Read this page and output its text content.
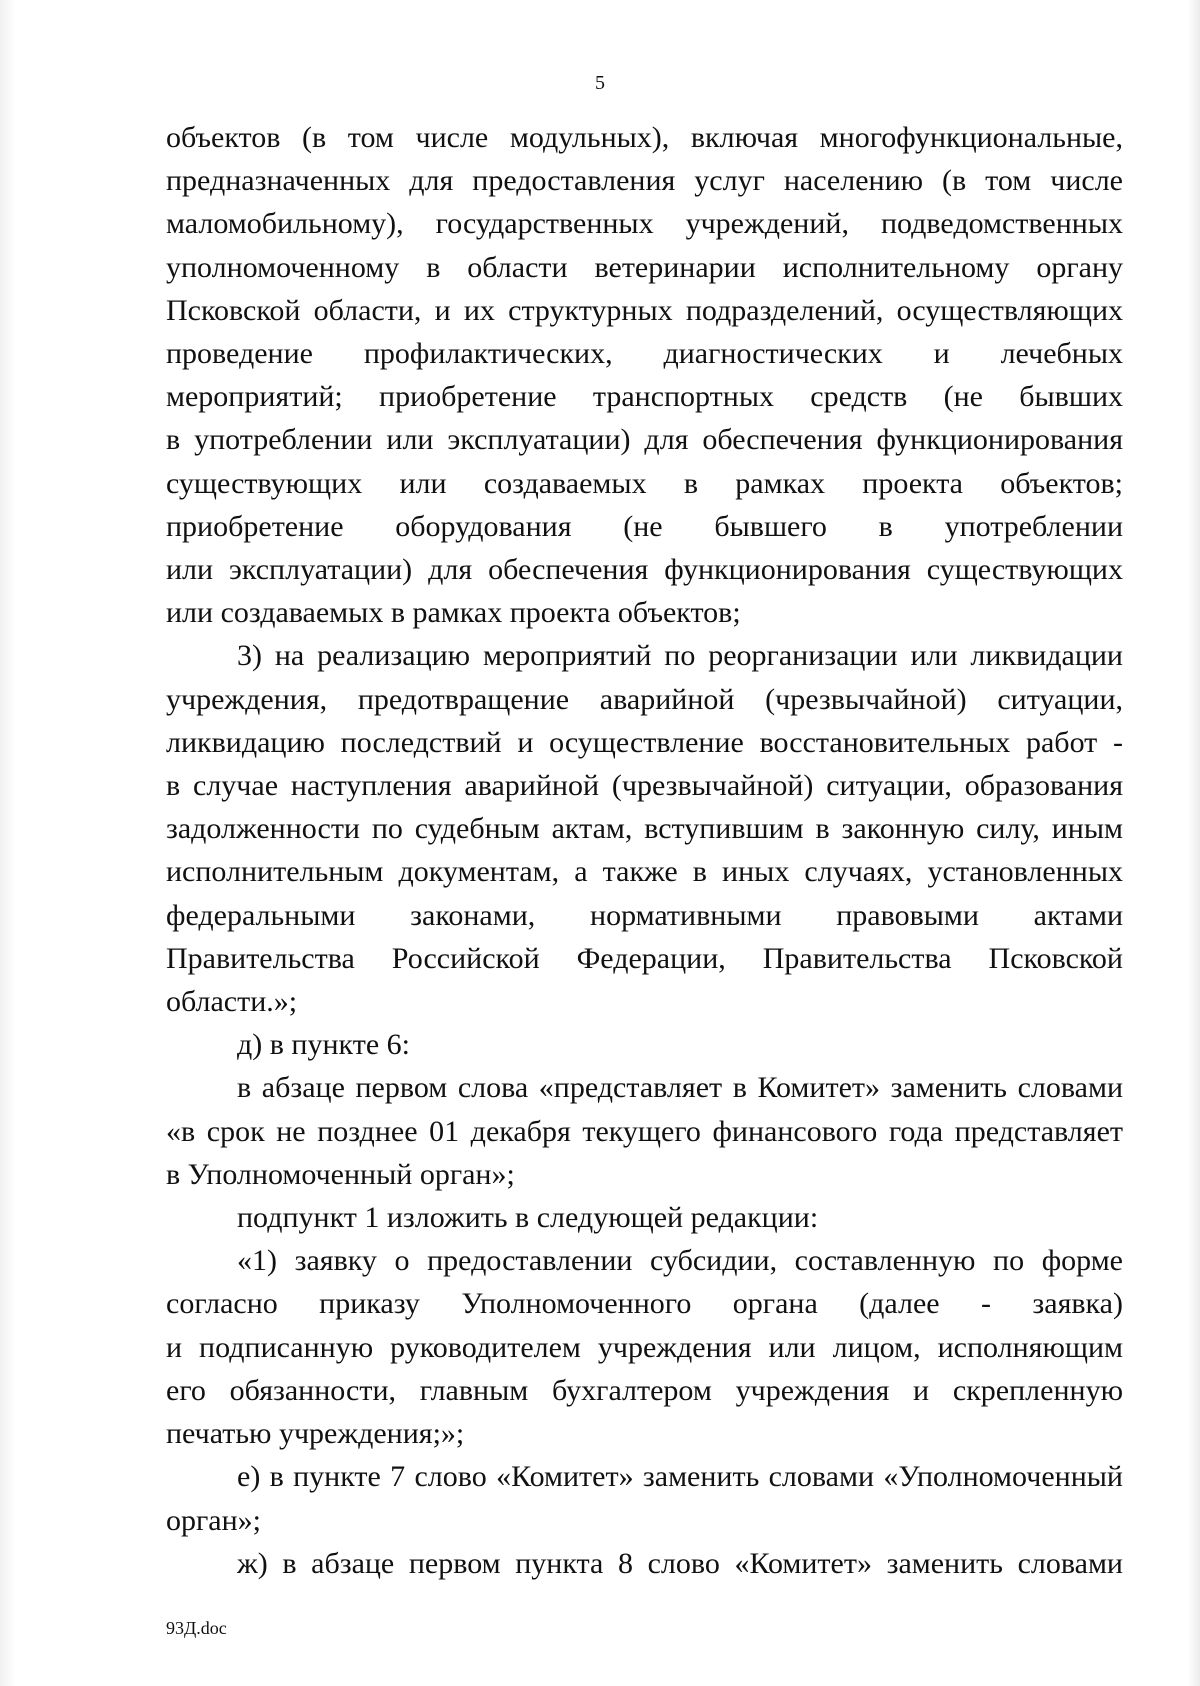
5
объектов (в том числе модульных), включая многофункциональные,
предназначенных для предоставления услуг населению (в том числе
маломобильному), государственных учреждений, подведомственных
уполномоченному в области ветеринарии исполнительному органу
Псковской области, и их структурных подразделений, осуществляющих
проведение профилактических, диагностических и лечебных
мероприятий; приобретение транспортных средств (не бывших
в употреблении или эксплуатации) для обеспечения функционирования
существующих или создаваемых в рамках проекта объектов;
приобретение оборудования (не бывшего в употреблении
или эксплуатации) для обеспечения функционирования существующих
или создаваемых в рамках проекта объектов;
3) на реализацию мероприятий по реорганизации или ликвидации
учреждения, предотвращение аварийной (чрезвычайной) ситуации,
ликвидацию последствий и осуществление восстановительных работ -
в случае наступления аварийной (чрезвычайной) ситуации, образования
задолженности по судебным актам, вступившим в законную силу, иным
исполнительным документам, а также в иных случаях, установленных
федеральными законами, нормативными правовыми актами
Правительства Российской Федерации, Правительства Псковской
области.»;
д) в пункте 6:
в абзаце первом слова «представляет в Комитет» заменить словами
«в срок не позднее 01 декабря текущего финансового года представляет
в Уполномоченный орган»;
подпункт 1 изложить в следующей редакции:
«1) заявку о предоставлении субсидии, составленную по форме
согласно приказу Уполномоченного органа (далее - заявка)
и подписанную руководителем учреждения или лицом, исполняющим
его обязанности, главным бухгалтером учреждения и скрепленную
печатью учреждения;»;
е) в пункте 7 слово «Комитет» заменить словами «Уполномоченный
орган»;
ж) в абзаце первом пункта 8 слово «Комитет» заменить словами
93Д.doc
